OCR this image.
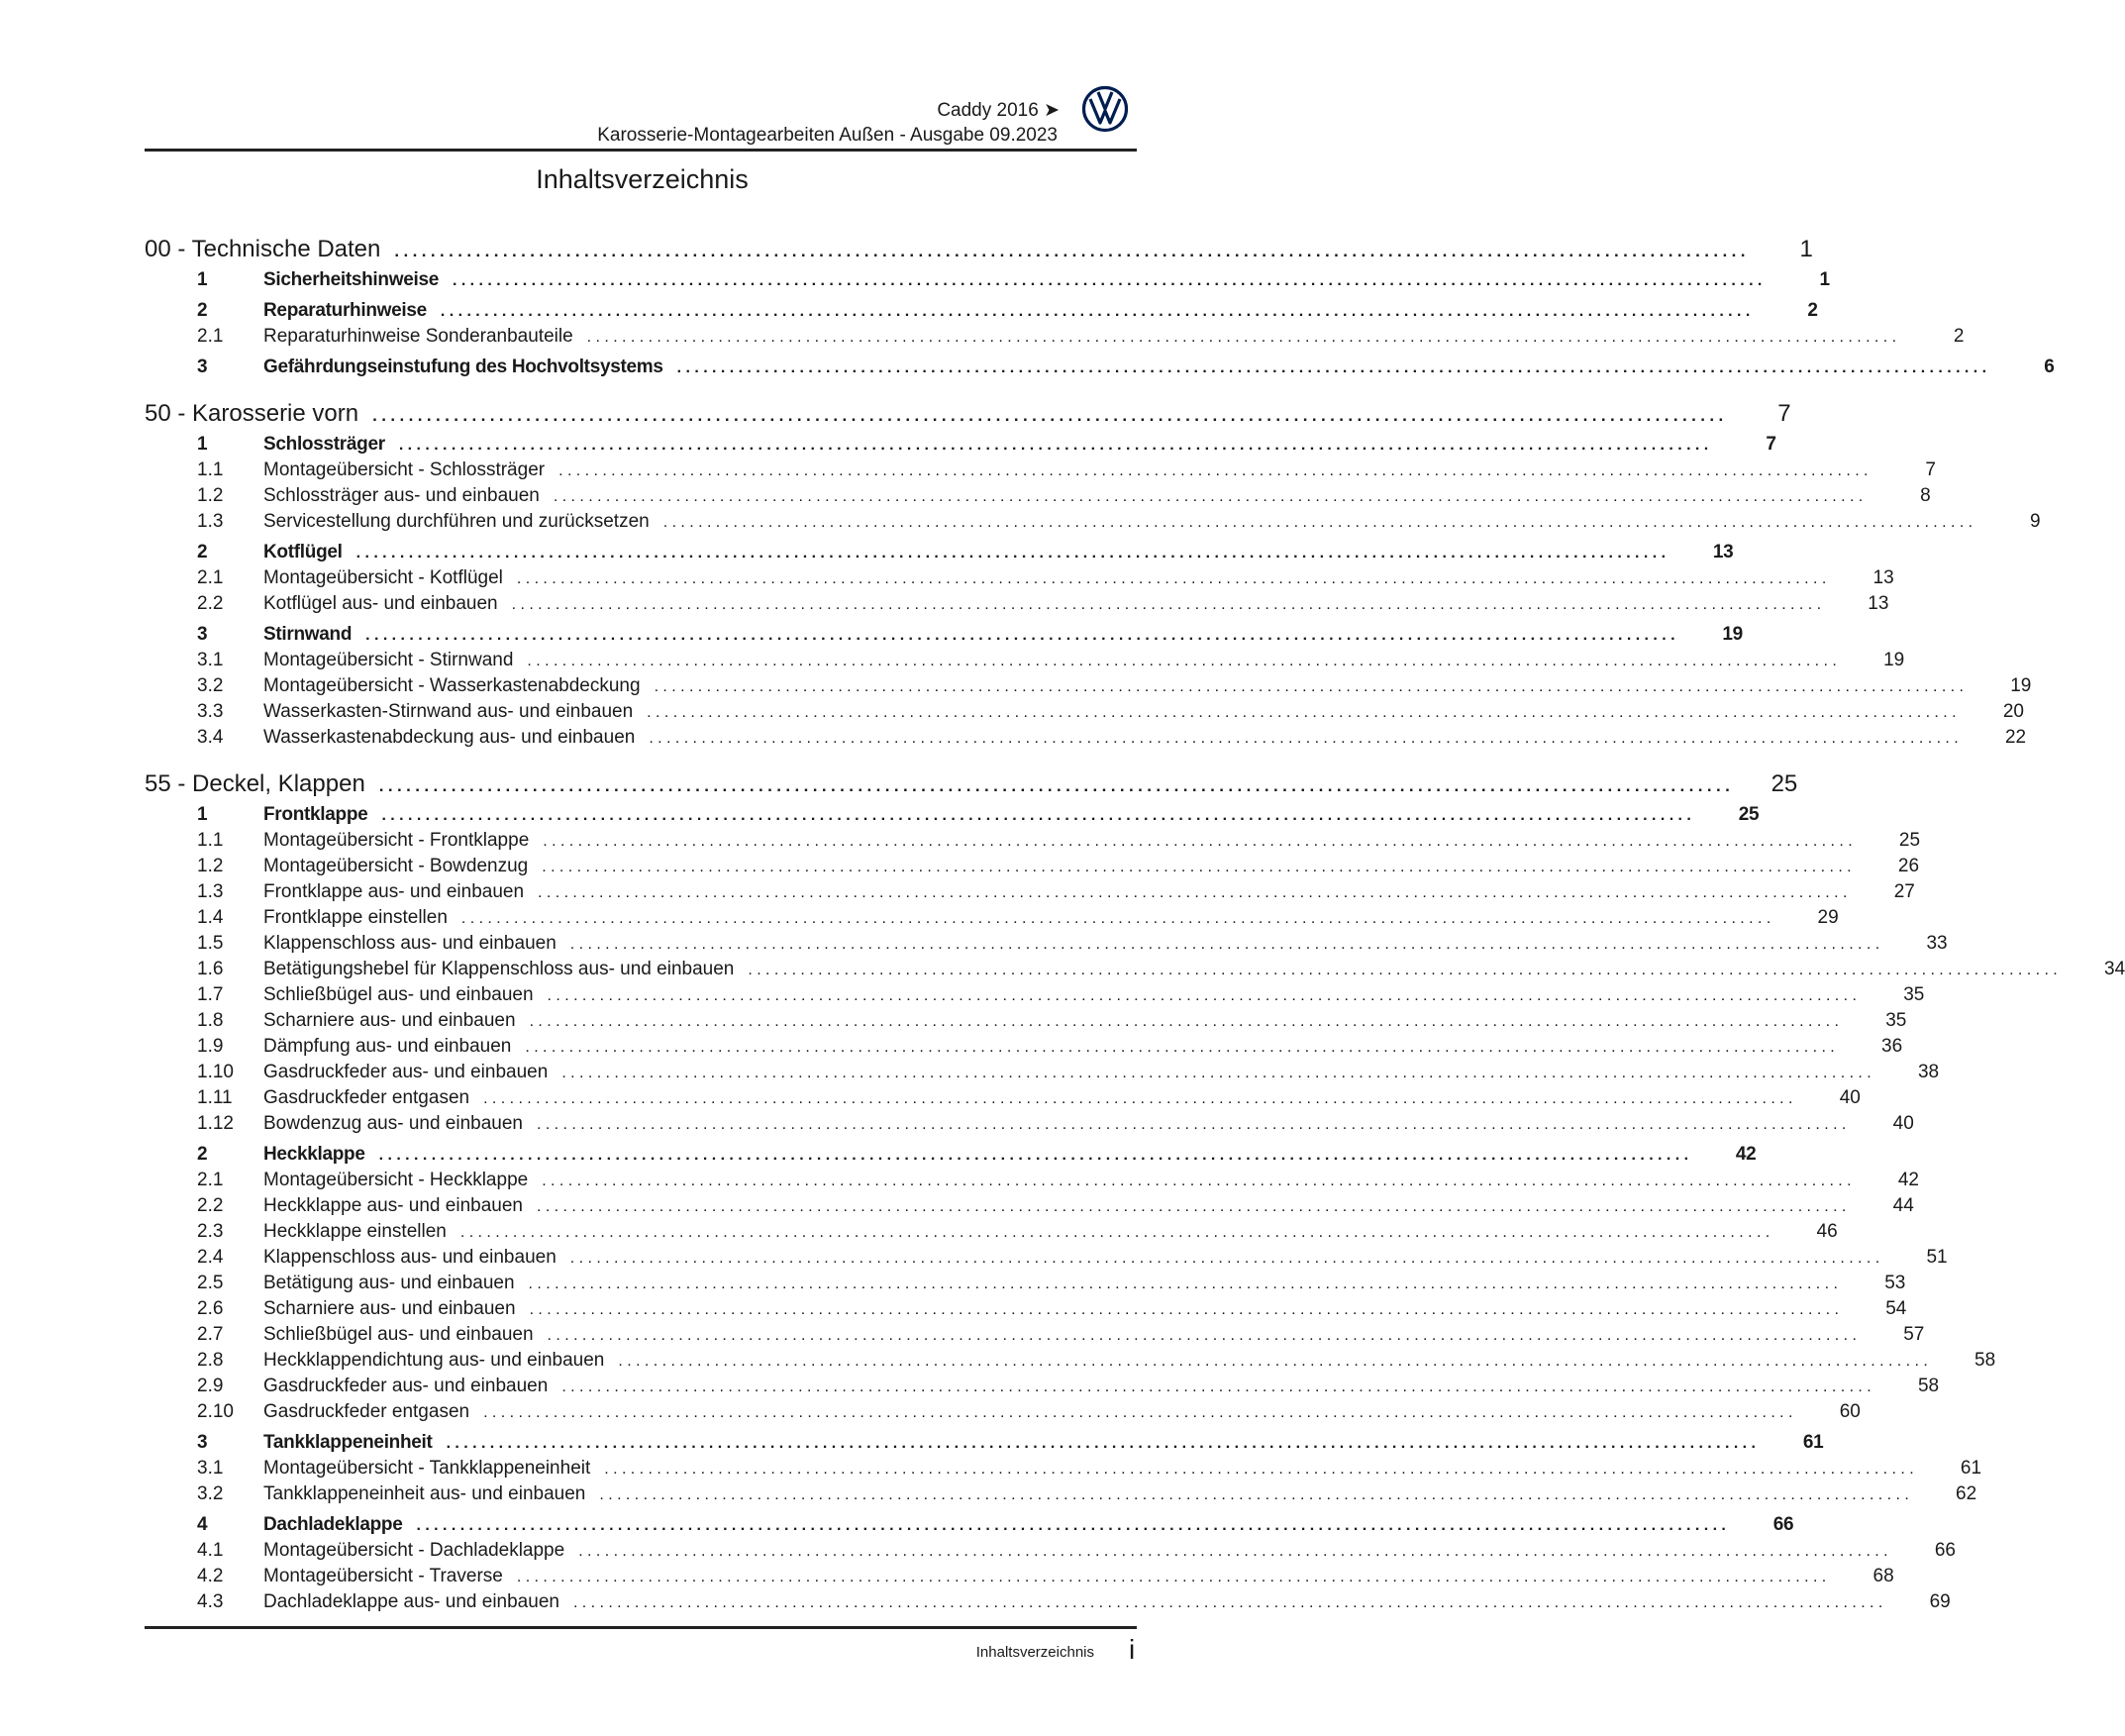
Caddy 2016 ➤
Karosserie-Montagearbeiten Außen - Ausgabe 09.2023
Inhaltsverzeichnis
00 - Technische Daten ......................................................................................................................................................	1
1	Sicherheitshinweise ......................................................................................................................................................	1
2	Reparaturhinweise ......................................................................................................................................................	2
2.1	Reparaturhinweise Sonderanbauteile ......................................................................................................................................................	2
3	Gefährdungseinstufung des Hochvoltsystems ......................................................................................................................................................	6
50 - Karosserie vorn ......................................................................................................................................................	7
1	Schlossträger ......................................................................................................................................................	7
1.1	Montageübersicht - Schlossträger ......................................................................................................................................................	7
1.2	Schlossträger aus- und einbauen ......................................................................................................................................................	8
1.3	Servicestellung durchführen und zurücksetzen ......................................................................................................................................................	9
2	Kotflügel ......................................................................................................................................................	13
2.1	Montageübersicht - Kotflügel ......................................................................................................................................................	13
2.2	Kotflügel aus- und einbauen ......................................................................................................................................................	13
3	Stirnwand ......................................................................................................................................................	19
3.1	Montageübersicht - Stirnwand ......................................................................................................................................................	19
3.2	Montageübersicht - Wasserkastenabdeckung ......................................................................................................................................................	19
3.3	Wasserkasten-Stirnwand aus- und einbauen ......................................................................................................................................................	20
3.4	Wasserkastenabdeckung aus- und einbauen ......................................................................................................................................................	22
55 - Deckel, Klappen ......................................................................................................................................................	25
1	Frontklappe ......................................................................................................................................................	25
1.1	Montageübersicht - Frontklappe ......................................................................................................................................................	25
1.2	Montageübersicht - Bowdenzug ......................................................................................................................................................	26
1.3	Frontklappe aus- und einbauen ......................................................................................................................................................	27
1.4	Frontklappe einstellen ......................................................................................................................................................	29
1.5	Klappenschloss aus- und einbauen ......................................................................................................................................................	33
1.6	Betätigungshebel für Klappenschloss aus- und einbauen ......................................................................................................................................................	34
1.7	Schließbügel aus- und einbauen ......................................................................................................................................................	35
1.8	Scharniere aus- und einbauen ......................................................................................................................................................	35
1.9	Dämpfung aus- und einbauen ......................................................................................................................................................	36
1.10	Gasdruckfeder aus- und einbauen ......................................................................................................................................................	38
1.11	Gasdruckfeder entgasen ......................................................................................................................................................	40
1.12	Bowdenzug aus- und einbauen ......................................................................................................................................................	40
2	Heckklappe ......................................................................................................................................................	42
2.1	Montageübersicht - Heckklappe ......................................................................................................................................................	42
2.2	Heckklappe aus- und einbauen ......................................................................................................................................................	44
2.3	Heckklappe einstellen ......................................................................................................................................................	46
2.4	Klappenschloss aus- und einbauen ......................................................................................................................................................	51
2.5	Betätigung aus- und einbauen ......................................................................................................................................................	53
2.6	Scharniere aus- und einbauen ......................................................................................................................................................	54
2.7	Schließbügel aus- und einbauen ......................................................................................................................................................	57
2.8	Heckklappendichtung aus- und einbauen ......................................................................................................................................................	58
2.9	Gasdruckfeder aus- und einbauen ......................................................................................................................................................	58
2.10	Gasdruckfeder entgasen ......................................................................................................................................................	60
3	Tankklappeneinheit ......................................................................................................................................................	61
3.1	Montageübersicht - Tankklappeneinheit ......................................................................................................................................................	61
3.2	Tankklappeneinheit aus- und einbauen ......................................................................................................................................................	62
4	Dachladeklappe ......................................................................................................................................................	66
4.1	Montageübersicht - Dachladeklappe ......................................................................................................................................................	66
4.2	Montageübersicht - Traverse ......................................................................................................................................................	68
4.3	Dachladeklappe aus- und einbauen ......................................................................................................................................................	69
Inhaltsverzeichnis i
